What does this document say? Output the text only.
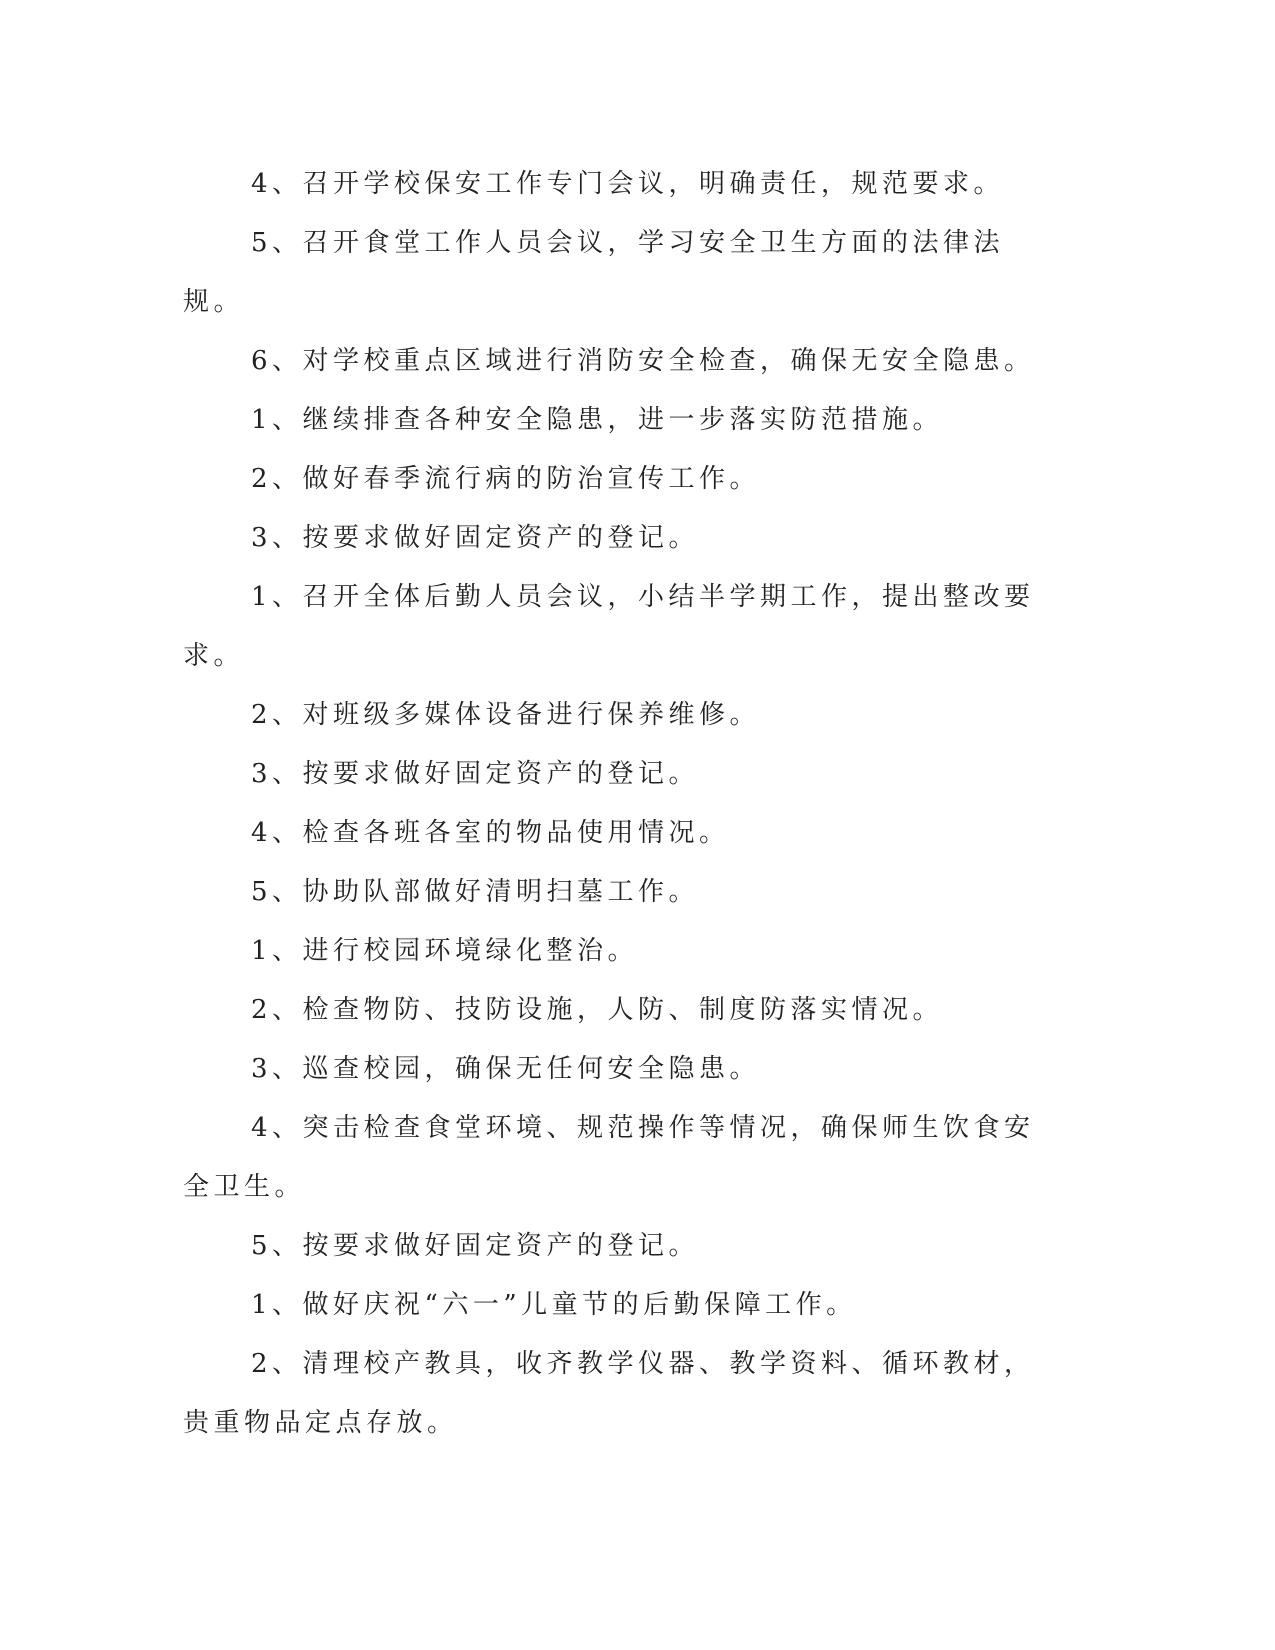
4、召开学校保安工作专门会议，明确责任，规范要求。

5、召开食堂工作人员会议，学习安全卫生方面的法律法规。

6、对学校重点区域进行消防安全检查，确保无安全隐患。

1、继续排查各种安全隐患，进一步落实防范措施。

2、做好春季流行病的防治宣传工作。

3、按要求做好固定资产的登记。

1、召开全体后勤人员会议，小结半学期工作，提出整改要求。

2、对班级多媒体设备进行保养维修。

3、按要求做好固定资产的登记。

4、检查各班各室的物品使用情况。

5、协助队部做好清明扫墓工作。

1、进行校园环境绿化整治。

2、检查物防、技防设施，人防、制度防落实情况。

3、巡查校园，确保无任何安全隐患。

4、突击检查食堂环境、规范操作等情况，确保师生饮食安全卫生。

5、按要求做好固定资产的登记。

1、做好庆祝“六一”儿童节的后勤保障工作。

2、清理校产教具，收齐教学仪器、教学资料、循环教材，贵重物品定点存放。
